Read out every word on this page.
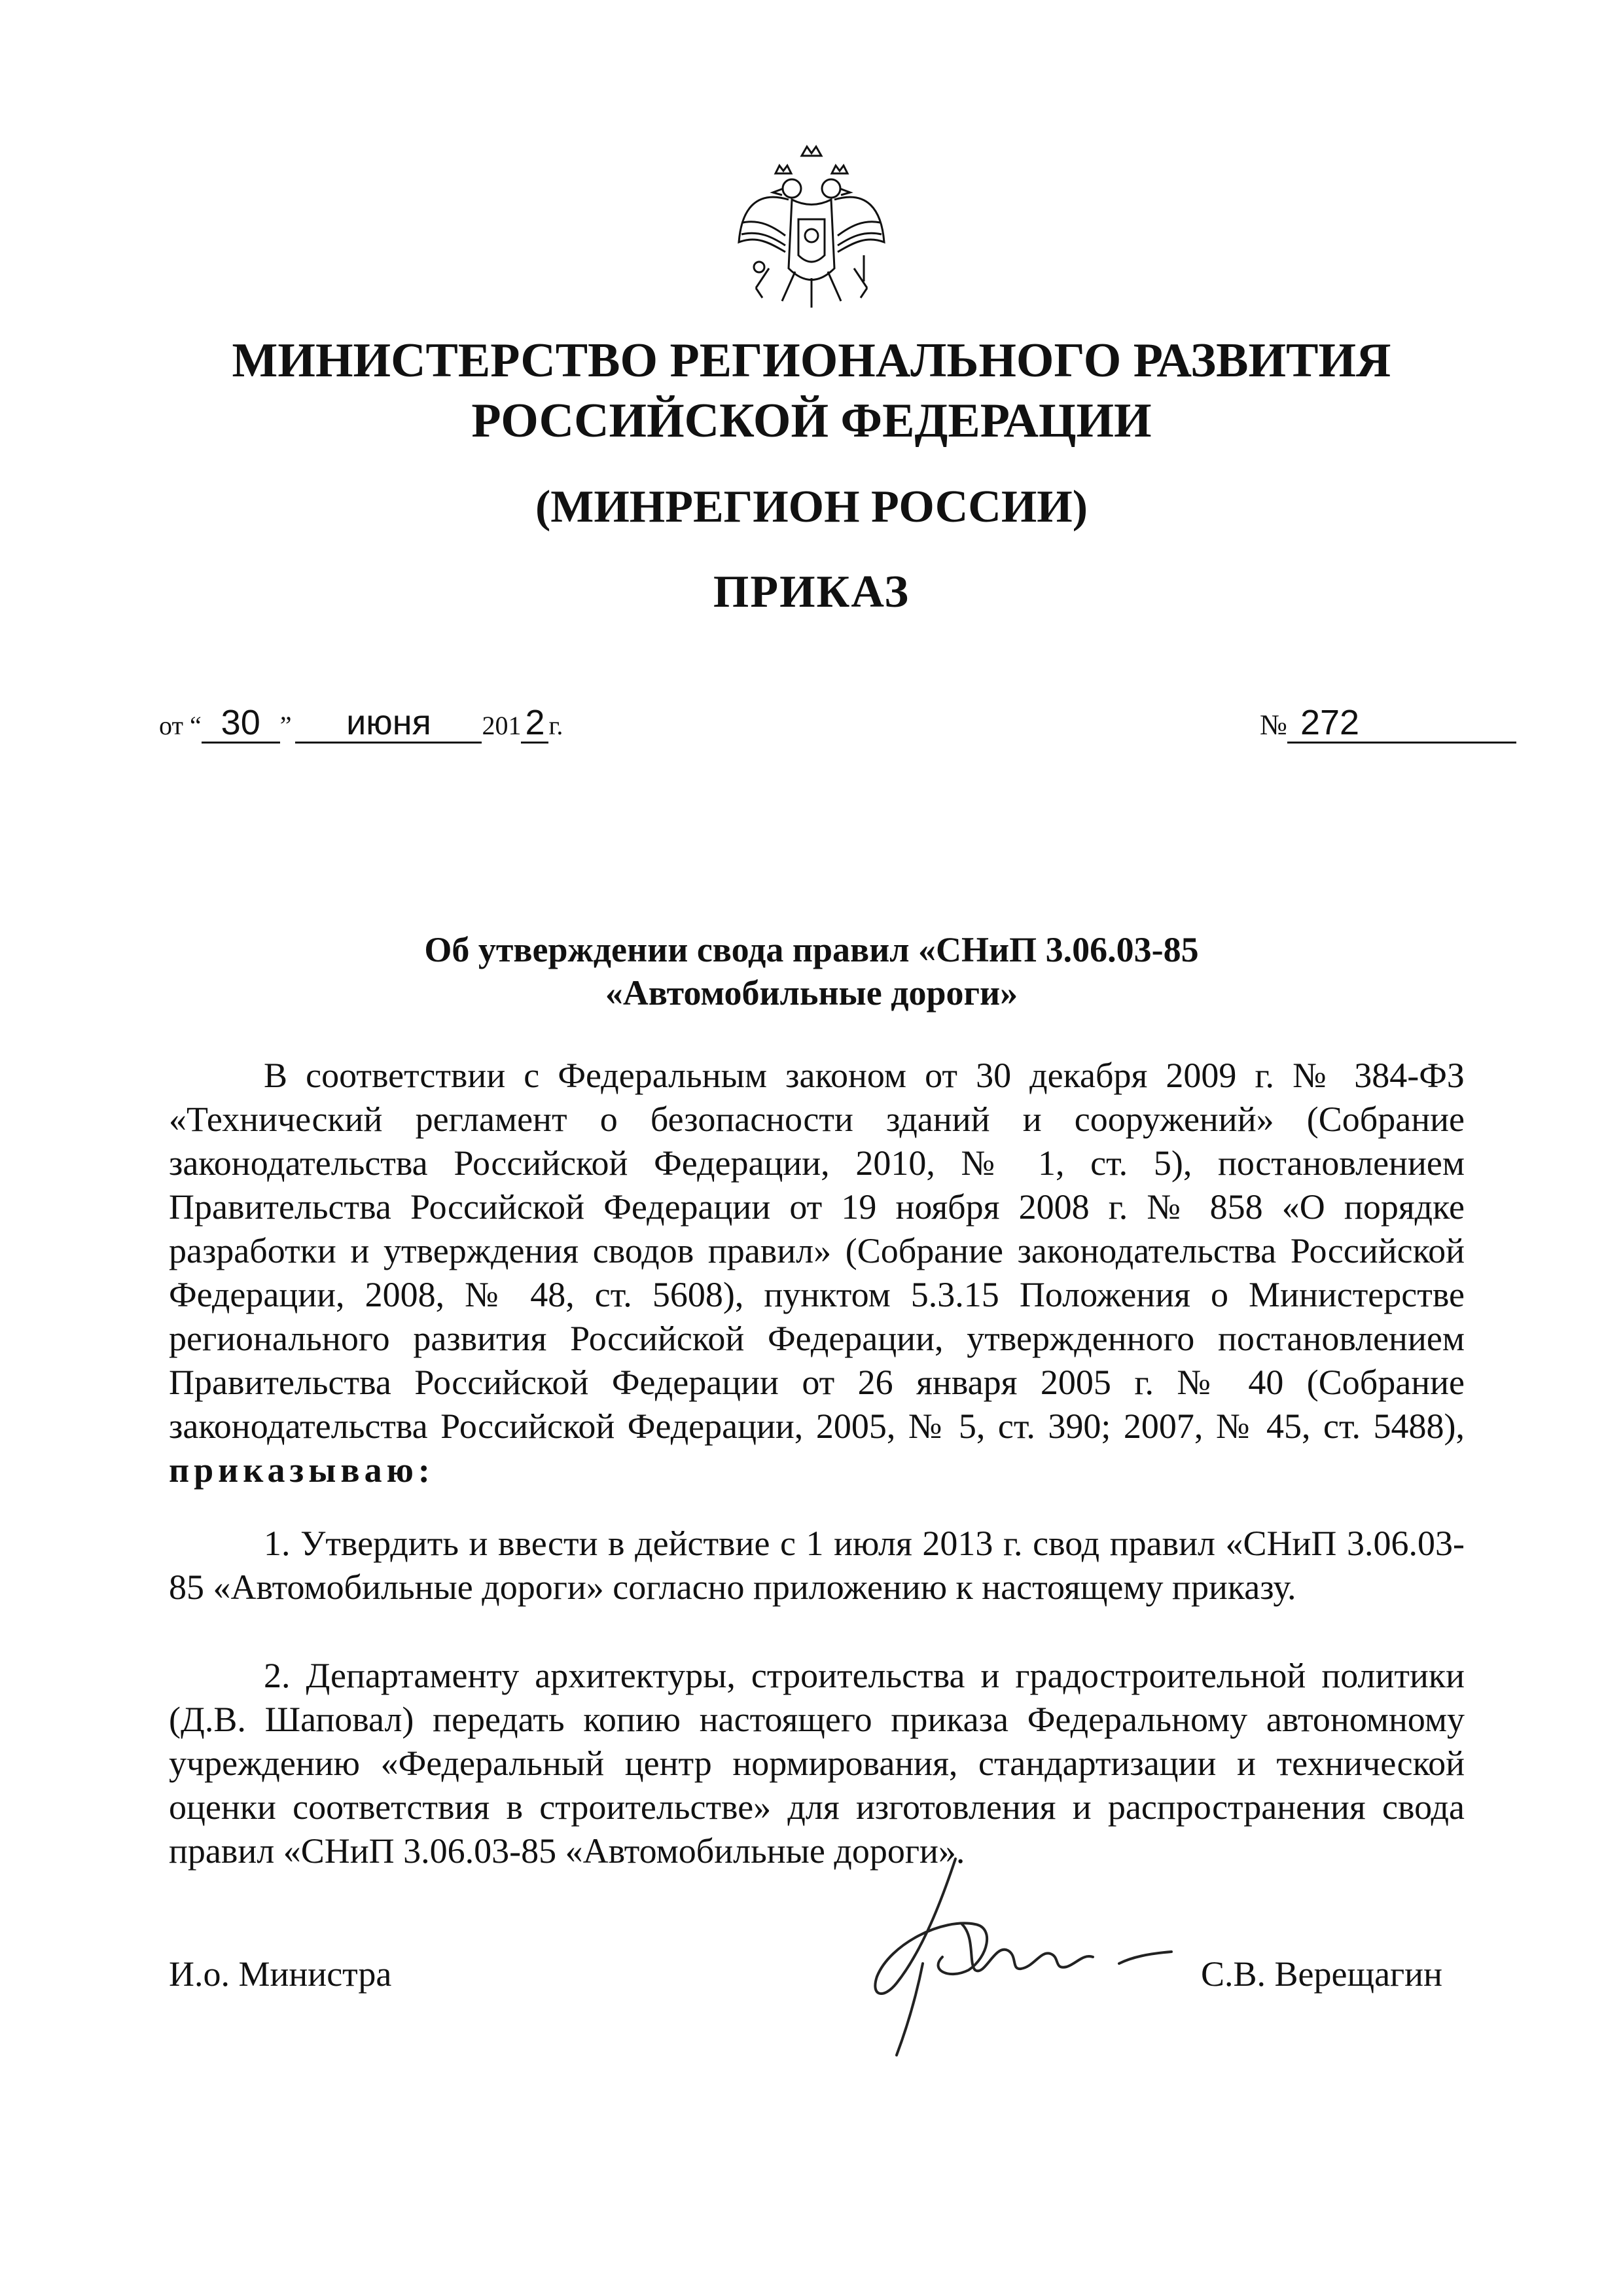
МИНИСТЕРСТВО РЕГИОНАЛЬНОГО РАЗВИТИЯ
РОССИЙСКОЙ ФЕДЕРАЦИИ
(МИНРЕГИОН РОССИИ)
ПРИКАЗ
от “ 30 ” июня 201 2 г.	№ 272
Об утверждении свода правил «СНиП 3.06.03-85
«Автомобильные дороги»

В соответствии с Федеральным законом от 30 декабря 2009 г. № 384-ФЗ «Технический регламент о безопасности зданий и сооружений» (Собрание законодательства Российской Федерации, 2010, № 1, ст. 5), постановлением Правительства Российской Федерации от 19 ноября 2008 г. № 858 «О порядке разработки и утверждения сводов правил» (Собрание законодательства Российской Федерации, 2008, № 48, ст. 5608), пунктом 5.3.15 Положения о Министерстве регионального развития Российской Федерации, утвержденного постановлением Правительства Российской Федерации от 26 января 2005 г. № 40 (Собрание законодательства Российской Федерации, 2005, № 5, ст. 390; 2007, № 45, ст. 5488), приказываю:

1. Утвердить и ввести в действие с 1 июля 2013 г. свод правил «СНиП 3.06.03-85 «Автомобильные дороги» согласно приложению к настоящему приказу.

2. Департаменту архитектуры, строительства и градостроительной политики (Д.В. Шаповал) передать копию настоящего приказа Федеральному автономному учреждению «Федеральный центр нормирования, стандартизации и технической оценки соответствия в строительстве» для изготовления и распространения свода правил «СНиП 3.06.03-85 «Автомобильные дороги».

И.о. Министра	С.В. Верещагин
